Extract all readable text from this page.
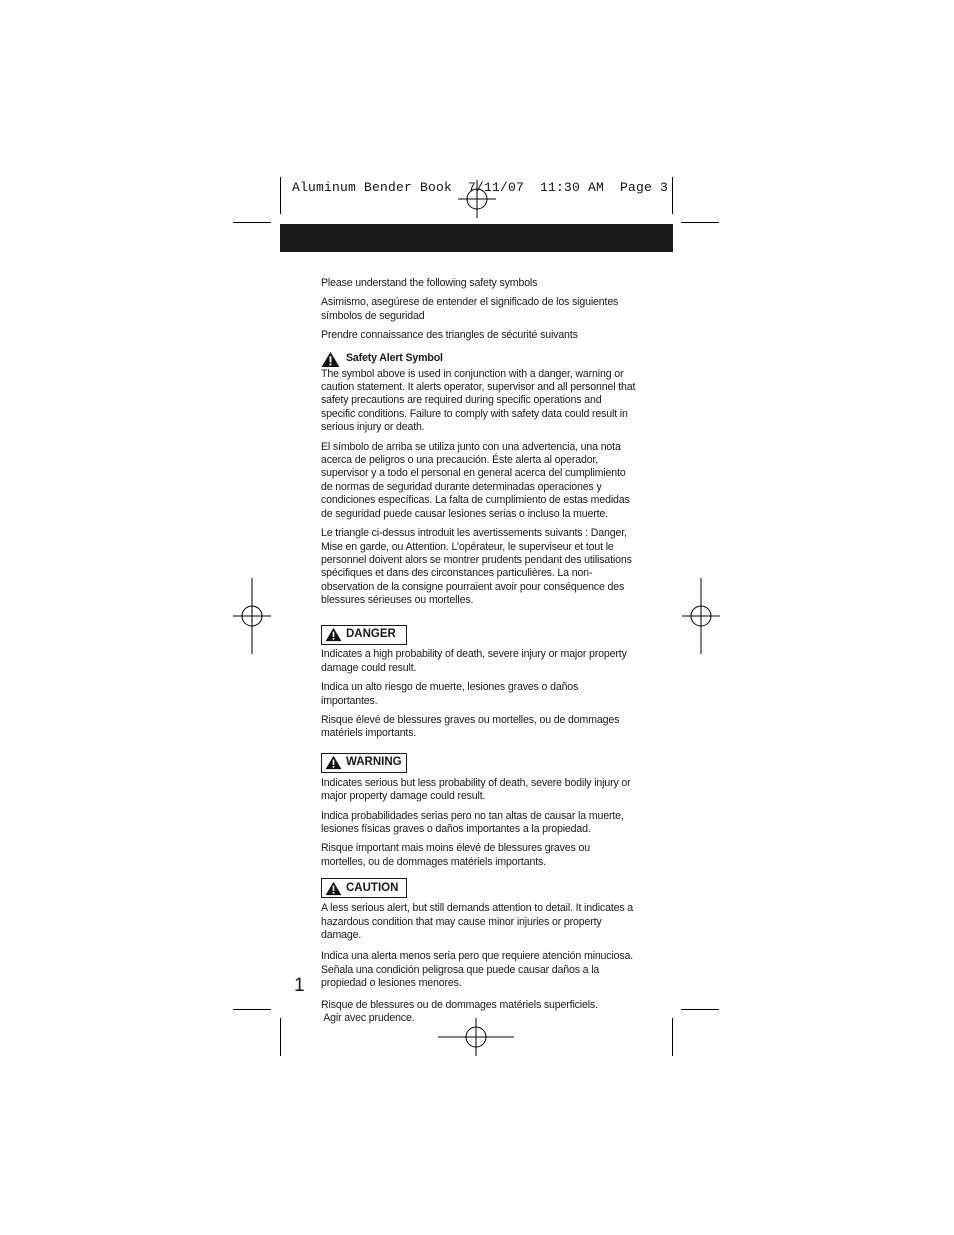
Aluminum Bender Book  7/11/07  11:30 AM  Page 3

Please understand the following safety symbols

Asimismo, asegúrese de entender el significado de los siguientes símbolos de seguridad

Prendre connaissance des triangles de sécurité suivants

Safety Alert Symbol

The symbol above is used in conjunction with a danger, warning or caution statement. It alerts operator, supervisor and all personnel that safety precautions are required during specific operations and specific conditions. Failure to comply with safety data could result in serious injury or death.

El símbolo de arriba se utiliza junto con una advertencia, una nota acerca de peligros o una precaución. Éste alerta al operador, supervisor y a todo el personal en general acerca del cumplimiento de normas de seguridad durante determinadas operaciones y condiciones específicas. La falta de cumplimiento de estas medidas de seguridad puede causar lesiones serias o incluso la muerte.

Le triangle ci-dessus introduit les avertissements suivants : Danger, Mise en garde, ou Attention. L’opérateur, le superviseur et tout le personnel doivent alors se montrer prudents pendant des utilisations spécifiques et dans des circonstances particulières. La non-observation de la consigne pourraient avoir pour conséquence des blessures sérieuses ou mortelles.

DANGER

Indicates a high probability of death, severe injury or major property damage could result.

Indica un alto riesgo de muerte, lesiones graves o daños importantes.

Risque élevé de blessures graves ou mortelles, ou de dommages matériels importants.

WARNING

Indicates serious but less probability of death, severe bodily injury or major property damage could result.

Indica probabilidades serias pero no tan altas de causar la muerte, lesiones físicas graves o daños importantes a la propiedad.

Risque important mais moins élevé de blessures graves ou mortelles, ou de dommages matériels importants.

CAUTION

A less serious alert, but still demands attention to detail. It indicates a hazardous condition that may cause minor injuries or property damage.

Indica una alerta menos seria pero que requiere atención minuciosa. Señala una condición peligrosa que puede causar daños a la propiedad o lesiones menores.

Risque de blessures ou de dommages matériels superficiels.

Agir avec prudence.

1
